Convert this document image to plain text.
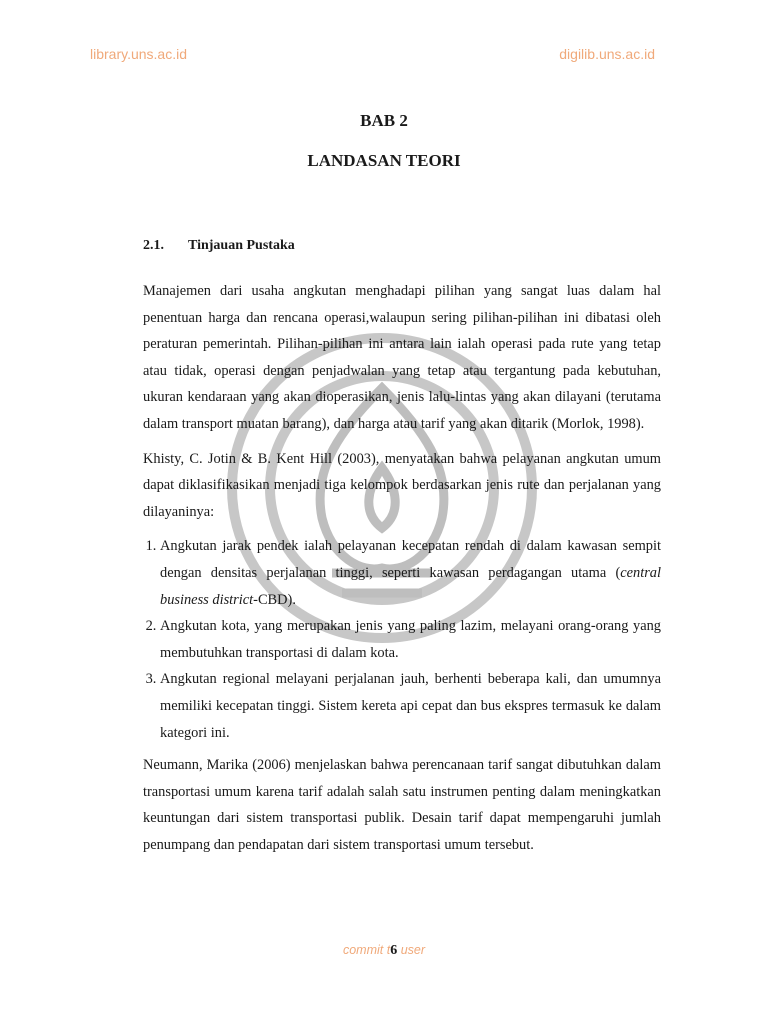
library.uns.ac.id	digilib.uns.ac.id
BAB 2
LANDASAN TEORI
2.1. Tinjauan Pustaka

Manajemen dari usaha angkutan menghadapi pilihan yang sangat luas dalam hal penentuan harga dan rencana operasi,walaupun sering pilihan-pilihan ini dibatasi oleh peraturan pemerintah. Pilihan-pilihan ini antara lain ialah operasi pada rute yang tetap atau tidak, operasi dengan penjadwalan yang tetap atau tergantung pada kebutuhan, ukuran kendaraan yang akan dioperasikan, jenis lalu-lintas yang akan dilayani (terutama dalam transport muatan barang), dan harga atau tarif yang akan ditarik (Morlok, 1998).

Khisty, C. Jotin & B. Kent Hill (2003), menyatakan bahwa pelayanan angkutan umum dapat diklasifikasikan menjadi tiga kelompok berdasarkan jenis rute dan perjalanan yang dilayaninya:

1. Angkutan jarak pendek ialah pelayanan kecepatan rendah di dalam kawasan sempit dengan densitas perjalanan tinggi, seperti kawasan perdagangan utama (central business district-CBD).
2. Angkutan kota, yang merupakan jenis yang paling lazim, melayani orang-orang yang membutuhkan transportasi di dalam kota.
3. Angkutan regional melayani perjalanan jauh, berhenti beberapa kali, dan umumnya memiliki kecepatan tinggi. Sistem kereta api cepat dan bus ekspres termasuk ke dalam kategori ini.

Neumann, Marika (2006) menjelaskan bahwa perencanaan tarif sangat dibutuhkan dalam transportasi umum karena tarif adalah salah satu instrumen penting dalam meningkatkan keuntungan dari sistem transportasi publik. Desain tarif dapat mempengaruhi jumlah penumpang dan pendapatan dari sistem transportasi umum tersebut.

commit t6 user
